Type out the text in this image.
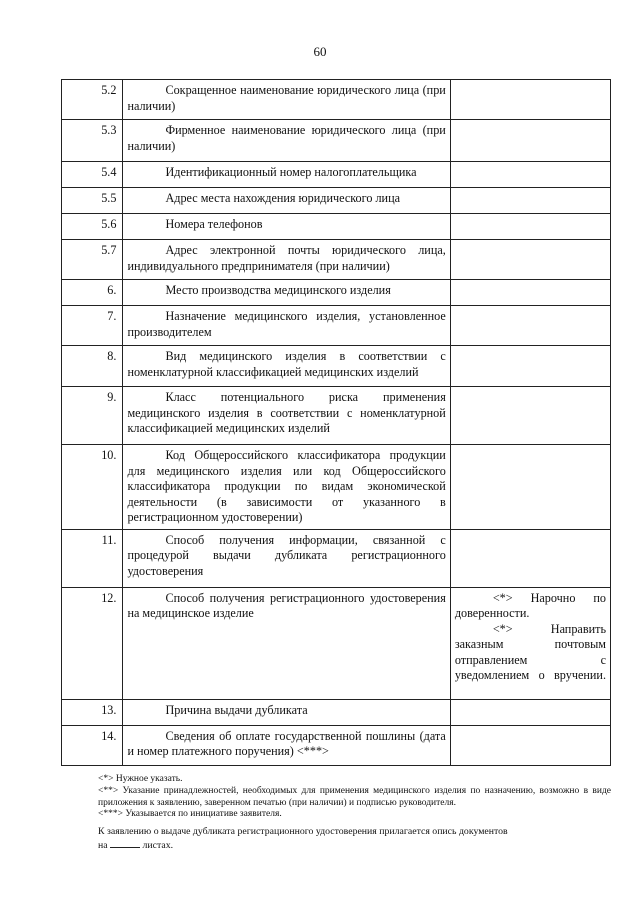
60
5.2	Сокращенное наименование юридического лица (при наличии)	
5.3	Фирменное наименование юридического лица (при наличии)	
5.4	Идентификационный номер налогоплательщика	
5.5	Адрес места нахождения юридического лица	
5.6	Номера телефонов	
5.7	Адрес электронной почты юридического лица, индивидуального предпринимателя (при наличии)	
6.	Место производства медицинского изделия	
7.	Назначение медицинского изделия, установленное производителем	
8.	Вид медицинского изделия в соответствии с номенклатурной классификацией медицинских изделий	
9.	Класс потенциального риска применения медицинского изделия в соответствии с номенклатурной классификацией медицинских изделий	
10.	Код Общероссийского классификатора продукции для медицинского изделия или код Общероссийского классификатора продукции по видам экономической деятельности (в зависимости от указанного в регистрационном удостоверении)	
11.	Способ получения информации, связанной с процедурой выдачи дубликата регистрационного удостоверения	
12.	Способ получения регистрационного удостоверения на медицинское изделие	<*> Нарочно по доверенности.
<*> Направить заказным почтовым отправлением с уведомлением о вручении.

13.	Причина выдачи дубликата	
14.	Сведения об оплате государственной пошлины (дата и номер платежного поручения) <***>	

<*> Нужное указать.

<**> Указание принадлежностей, необходимых для применения медицинского изделия по назначению, возможно в виде приложения к заявлению, заверенном печатью (при наличии) и подписью руководителя.

<***> Указывается по инициативе заявителя.

К заявлению о выдаче дубликата регистрационного удостоверения прилагается опись документов

на	листах.
